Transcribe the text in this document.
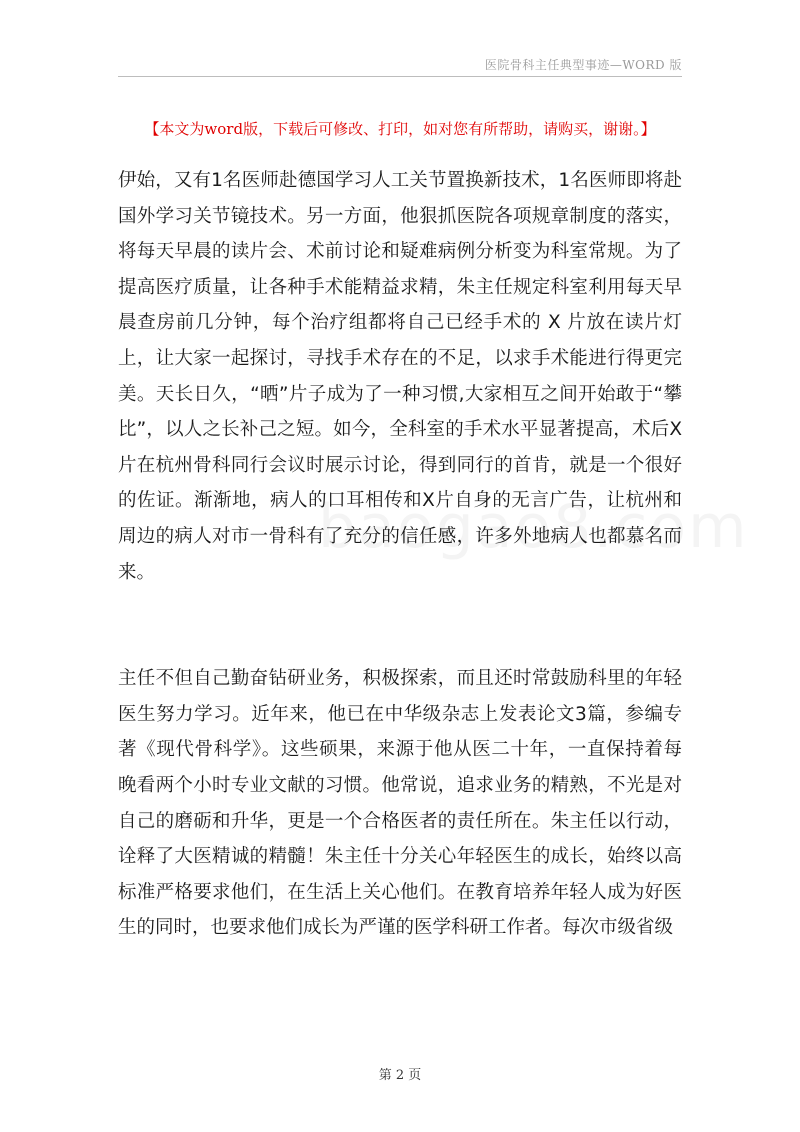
医院骨科主任典型事迹—WORD 版
【本文为word版，下载后可修改、打印，如对您有所帮助，请购买，谢谢。】

伊始，又有1名医师赴德国学习人工关节置换新技术，1名医师即将赴国外学习关节镜技术。另一方面，他狠抓医院各项规章制度的落实，将每天早晨的读片会、术前讨论和疑难病例分析变为科室常规。为了提高医疗质量，让各种手术能精益求精，朱主任规定科室利用每天早晨查房前几分钟，每个治疗组都将自己已经手术的 X 片放在读片灯上，让大家一起探讨，寻找手术存在的不足，以求手术能进行得更完美。天长日久，“晒”片子成为了一种习惯,大家相互之间开始敢于“攀比”，以人之长补己之短。如今，全科室的手术水平显著提高，术后X片在杭州骨科同行会议时展示讨论，得到同行的首肯，就是一个很好的佐证。渐渐地，病人的口耳相传和X片自身的无言广告，让杭州和周边的病人对市一骨科有了充分的信任感，许多外地病人也都慕名而来。

主任不但自己勤奋钻研业务，积极探索，而且还时常鼓励科里的年轻医生努力学习。近年来，他已在中华级杂志上发表论文3篇，参编专著《现代骨科学》。这些硕果，来源于他从医二十年，一直保持着每晚看两个小时专业文献的习惯。他常说，追求业务的精熟，不光是对自己的磨砺和升华，更是一个合格医者的责任所在。朱主任以行动，诠释了大医精诚的精髓！朱主任十分关心年轻医生的成长，始终以高标准严格要求他们，在生活上关心他们。在教育培养年轻人成为好医生的同时，也要求他们成长为严谨的医学科研工作者。每次市级省级

第 2 页
